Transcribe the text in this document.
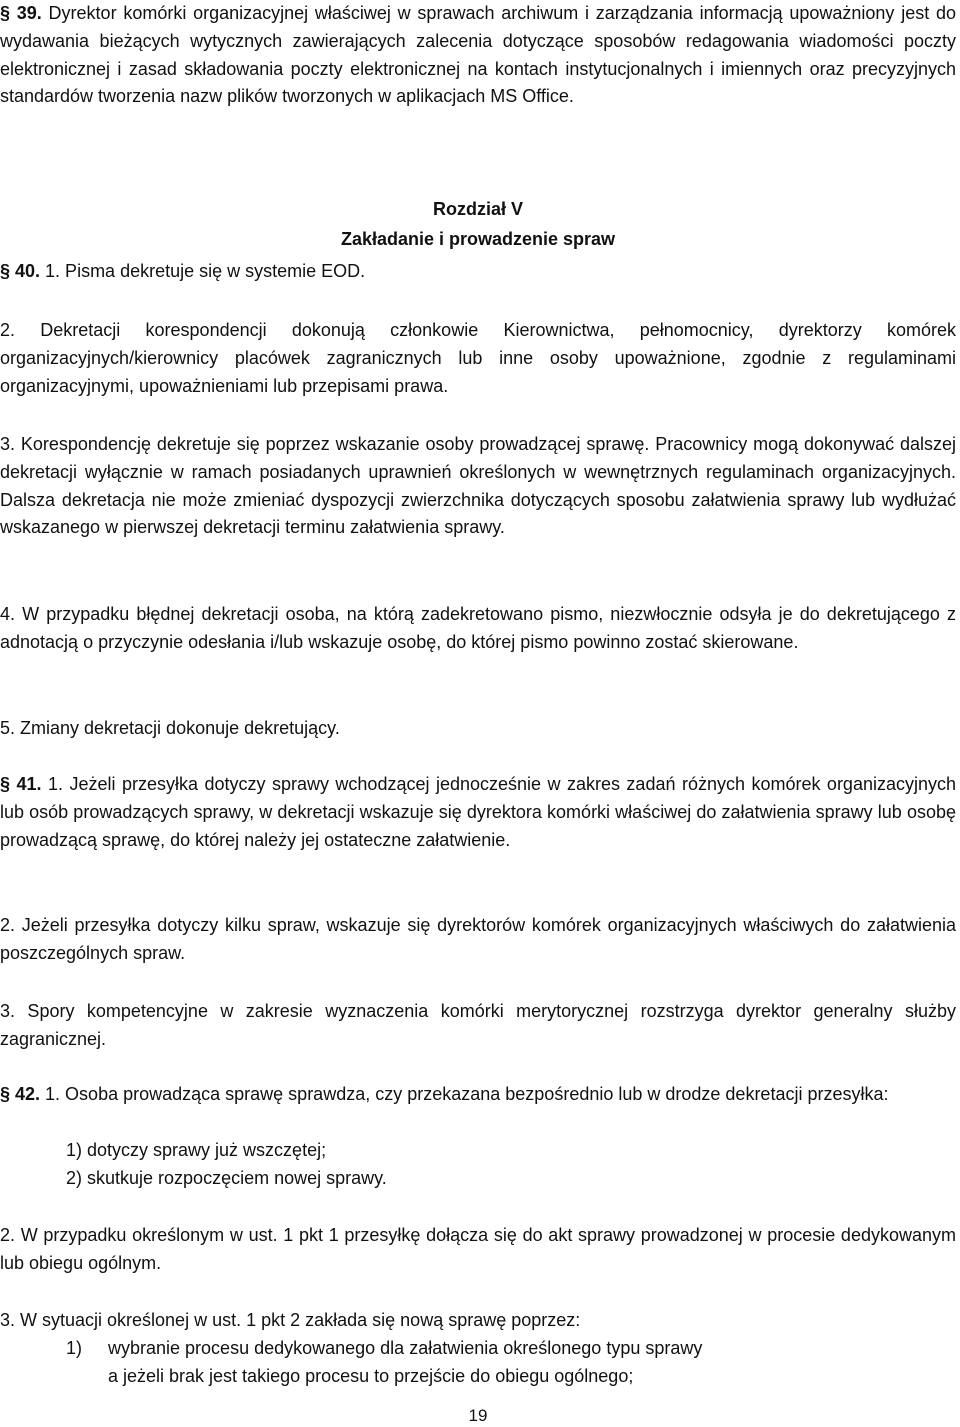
§ 39. Dyrektor komórki organizacyjnej właściwej w sprawach archiwum i zarządzania informacją upoważniony jest do wydawania bieżących wytycznych zawierających zalecenia dotyczące sposobów redagowania wiadomości poczty elektronicznej i zasad składowania poczty elektronicznej na kontach instytucjonalnych i imiennych oraz precyzyjnych standardów tworzenia nazw plików tworzonych w aplikacjach MS Office.

Rozdział V
Zakładanie i prowadzenie spraw

§ 40. 1. Pisma dekretuje się w systemie EOD.

2. Dekretacji korespondencji dokonują członkowie Kierownictwa, pełnomocnicy, dyrektorzy komórek organizacyjnych/kierownicy placówek zagranicznych lub inne osoby upoważnione, zgodnie z regulaminami organizacyjnymi, upoważnieniami lub przepisami prawa.

3. Korespondencję dekretuje się poprzez wskazanie osoby prowadzącej sprawę. Pracownicy mogą dokonywać dalszej dekretacji wyłącznie w ramach posiadanych uprawnień określonych w wewnętrznych regulaminach organizacyjnych. Dalsza dekretacja nie może zmieniać dyspozycji zwierzchnika dotyczących sposobu załatwienia sprawy lub wydłużać wskazanego w pierwszej dekretacji terminu załatwienia sprawy.

4. W przypadku błędnej dekretacji osoba, na którą zadekretowano pismo, niezwłocznie odsyła je do dekretującego z adnotacją o przyczynie odesłania i/lub wskazuje osobę, do której pismo powinno zostać skierowane.

5. Zmiany dekretacji dokonuje dekretujący.

§ 41. 1. Jeżeli przesyłka dotyczy sprawy wchodzącej jednocześnie w zakres zadań różnych komórek organizacyjnych lub osób prowadzących sprawy, w dekretacji wskazuje się dyrektora komórki właściwej do załatwienia sprawy lub osobę prowadzącą sprawę, do której należy jej ostateczne załatwienie.

2. Jeżeli przesyłka dotyczy kilku spraw, wskazuje się dyrektorów komórek organizacyjnych właściwych do załatwienia poszczególnych spraw.

3. Spory kompetencyjne w zakresie wyznaczenia komórki merytorycznej rozstrzyga dyrektor generalny służby zagranicznej.

§ 42. 1. Osoba prowadząca sprawę sprawdza, czy przekazana bezpośrednio lub w drodze dekretacji przesyłka:

1) dotyczy sprawy już wszczętej;
2) skutkuje rozpoczęciem nowej sprawy.

2. W przypadku określonym w ust. 1 pkt 1 przesyłkę dołącza się do akt sprawy prowadzonej w procesie dedykowanym lub obiegu ogólnym.

3. W sytuacji określonej w ust. 1 pkt 2 zakłada się nową sprawę poprzez:

1) wybranie procesu dedykowanego dla załatwienia określonego typu sprawy
a jeżeli brak jest takiego procesu to przejście do obiegu ogólnego;
19
